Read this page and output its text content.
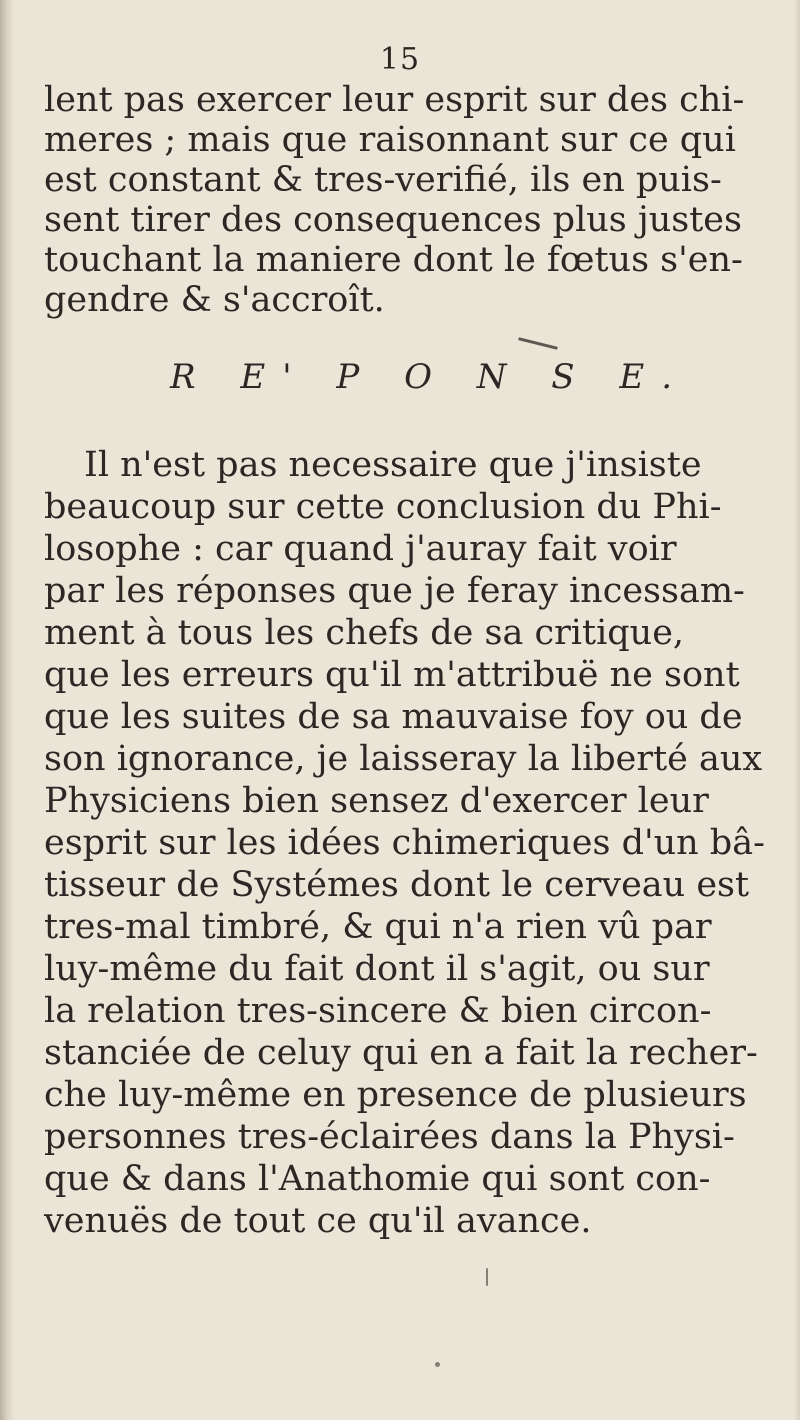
15
lent pas exercer leur esprit sur des chi-
meres ; mais que raisonnant sur ce qui
est constant & tres-verifié, ils en puis-
sent tirer des consequences plus justes
touchant la maniere dont le fœtus s'en-
gendre & s'accroît.
R E' P O N S E.
Il n'est pas necessaire que j'insiste
beaucoup sur cette conclusion du Phi-
losophe : car quand j'auray fait voir
par les réponses que je feray incessam-
ment à tous les chefs de sa critique,
que les erreurs qu'il m'attribuë ne sont
que les suites de sa mauvaise foy ou de
son ignorance, je laisseray la liberté aux
Physiciens bien sensez d'exercer leur
esprit sur les idées chimeriques d'un bâ-
tisseur de Systémes dont le cerveau est
tres-mal timbré, & qui n'a rien vû par
luy-même du fait dont il s'agit, ou sur
la relation tres-sincere & bien circon-
stanciée de celuy qui en a fait la recher-
che luy-même en presence de plusieurs
personnes tres-éclairées dans la Physi-
que & dans l'Anathomie qui sont con-
venuës de tout ce qu'il avance.
